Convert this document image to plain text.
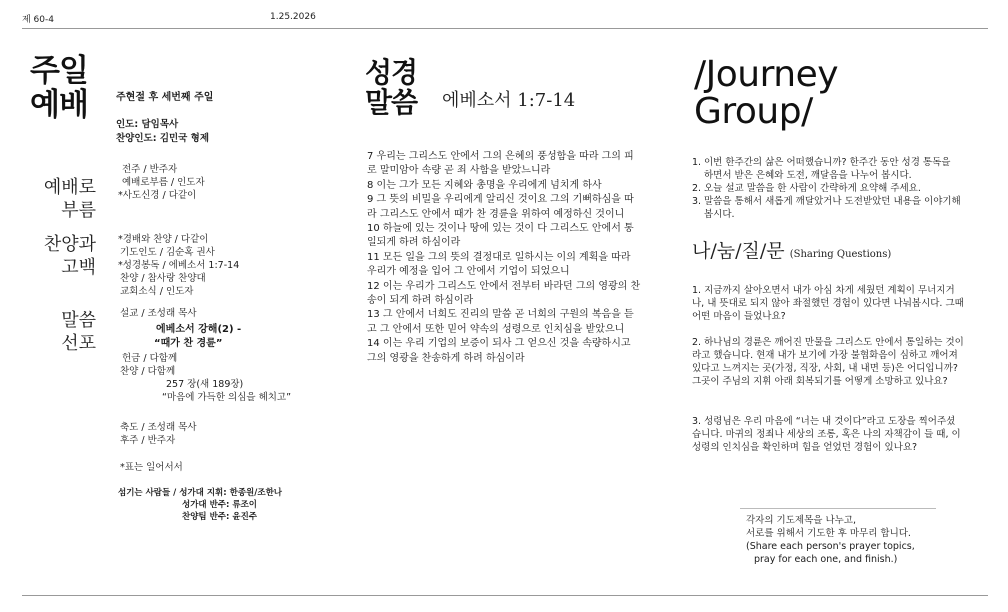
제 60-4	1.25.2026
주일
예배	주현절 후 세번째 주일
인도: 담임목사
찬양인도: 김민국 형제
예배로
부름
전주 / 반주자
예배로부름 / 인도자
*사도신경 / 다같이
찬양과
고백
*경배와 찬양 / 다같이
기도인도 / 김순혹 권사
*성경봉독 / 에베소서 1:7-14
찬양 / 참사랑 찬양대
교회소식 / 인도자
말씀
선포
설교 / 조성래 목사
에베소서 강해(2) -
“때가 찬 경륜”
헌금 / 다함께
찬양 / 다함께
257 장(새 189장)
“마음에 가득한 의심을 헤치고”
축도 / 조성래 목사
후주 / 반주자
*표는 일어서서
섬기는 사람들 / 성가대 지휘: 한종원/조한나
성가대 반주: 류조이
찬양팀 반주: 윤진주
성경
말씀 에베소서 1:7-14
7 우리는 그리스도 안에서 그의 은혜의 풍성함을 따라 그의 피로 말미암아 속량 곧 죄 사함을 받았느니라
8 이는 그가 모든 지혜와 총명을 우리에게 넘치게 하사
9 그 뜻의 비밀을 우리에게 알리신 것이요 그의 기뻐하심을 따라 그리스도 안에서 때가 찬 경륜을 위하여 예정하신 것이니
10 하늘에 있는 것이나 땅에 있는 것이 다 그리스도 안에서 통일되게 하려 하심이라
11 모든 일을 그의 뜻의 결정대로 일하시는 이의 계획을 따라 우리가 예정을 입어 그 안에서 기업이 되었으니
12 이는 우리가 그리스도 안에서 전부터 바라던 그의 영광의 찬송이 되게 하려 하심이라
13 그 안에서 너희도 진리의 말씀 곧 너희의 구원의 복음을 듣고 그 안에서 또한 믿어 약속의 성령으로 인치심을 받았으니
14 이는 우리 기업의 보증이 되사 그 얻으신 것을 속량하시고 그의 영광을 찬송하게 하려 하심이라
/Journey
Group/
1. 이번 한주간의 삶은 어떠했습니까? 한주간 동안 성경 통독을 하면서 받은 은혜와 도전, 깨달음을 나누어 봅시다.
2. 오늘 설교 말씀을 한 사람이 간략하게 요약해 주세요.
3. 말씀을 통해서 새롭게 깨달았거나 도전받았던 내용을 이야기해 봅시다.
나/눔/질/문 (Sharing Questions)
1. 지금까지 살아오면서 내가 아심 차게 세웠던 계획이 무너지거나, 내 뜻대로 되지 않아 좌절했던 경험이 있다면 나눠봅시다. 그때 어떤 마음이 들었나요?
2. 하나님의 경륜은 깨어진 만물을 그리스도 안에서 통일하는 것이라고 했습니다. 현재 내가 보기에 가장 불협화음이 심하고 깨어져 있다고 느껴지는 곳(가정, 직장, 사회, 내 내면 등)은 어디입니까? 그곳이 주님의 지휘 아래 회복되기를 어떻게 소망하고 있나요?
3. 성령님은 우리 마음에 “너는 내 것이다”라고 도장을 찍어주셨습니다. 마귀의 정죄나 세상의 조롱, 혹은 나의 자책감이 들 때, 이 성령의 인치심을 확인하며 힘을 얻었던 경험이 있나요?
각자의 기도제목을 나누고,
서로를 위해서 기도한 후 마무리 합니다.
(Share each person's prayer topics,
pray for each one, and finish.)
